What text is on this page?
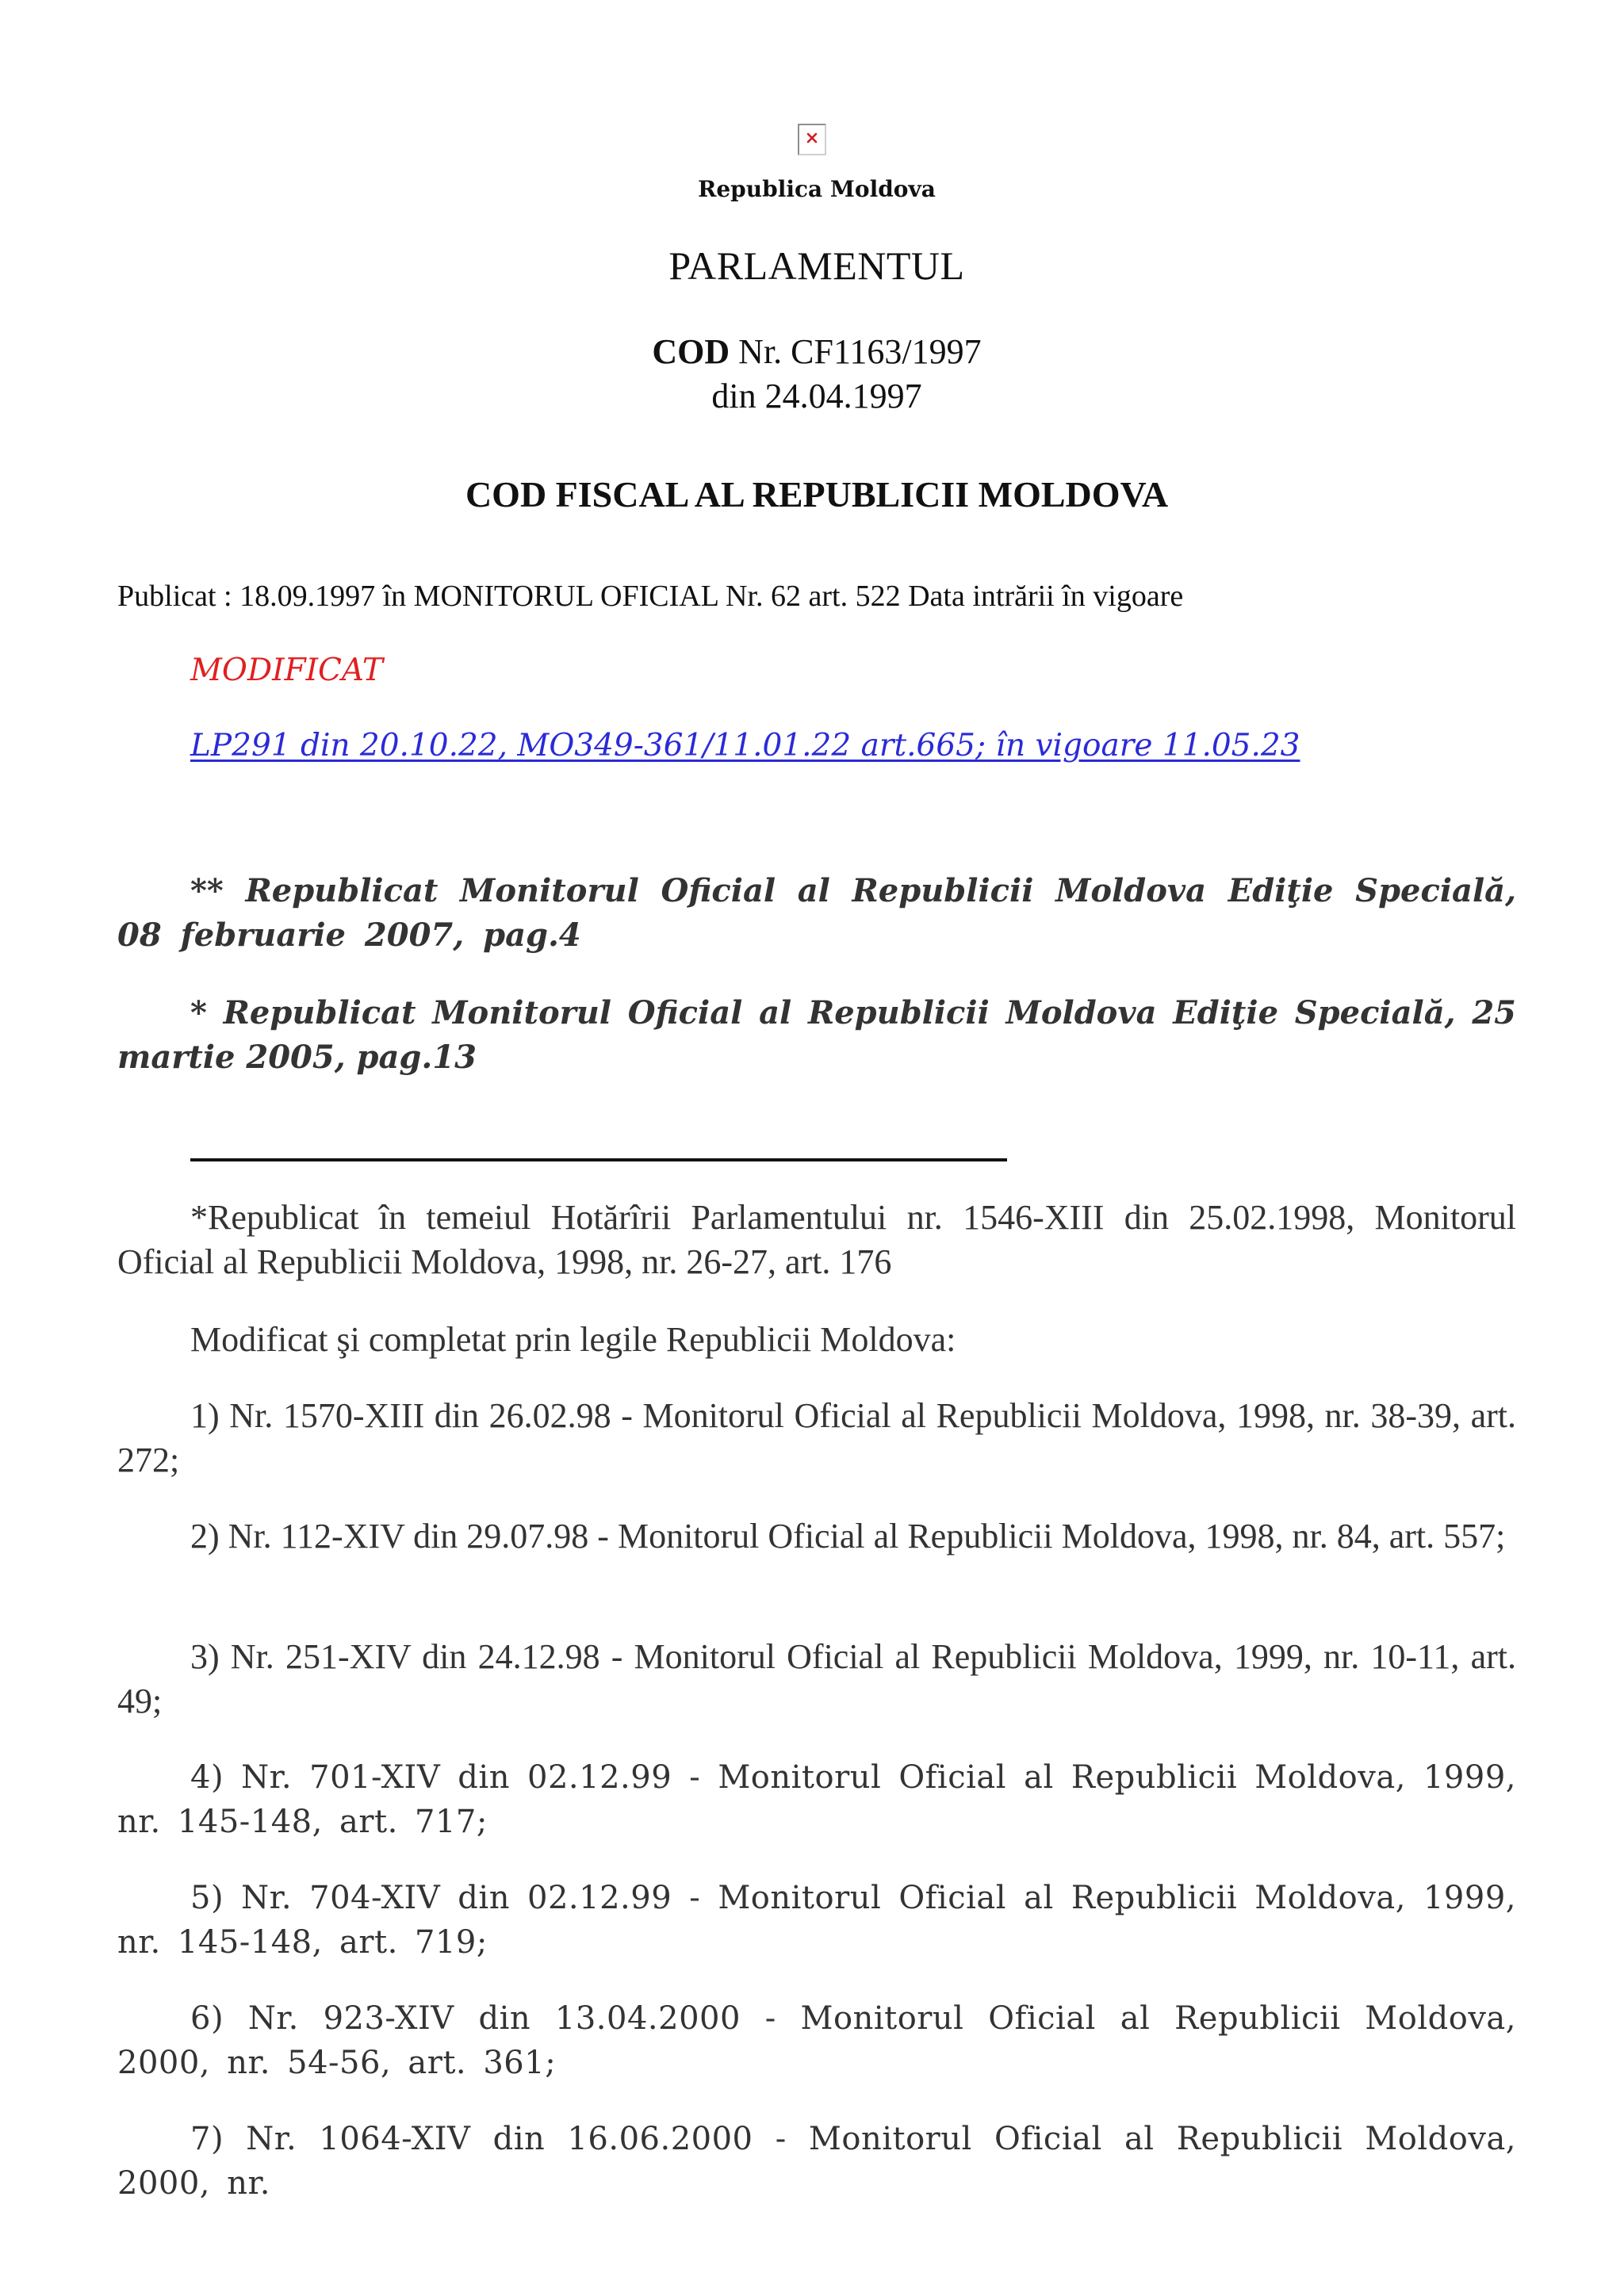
Republica Moldova
PARLAMENTUL
COD Nr. CF1163/1997
din 24.04.1997
COD FISCAL AL REPUBLICII MOLDOVA
Publicat : 18.09.1997 în MONITORUL OFICIAL Nr. 62 art. 522 Data intrării în vigoare
MODIFICAT
LP291 din 20.10.22, MO349-361/11.01.22 art.665; în vigoare 11.05.23

** Republicat Monitorul Oficial al Republicii Moldova Ediţie Specială, 08 februarie 2007, pag.4

* Republicat Monitorul Oficial al Republicii Moldova Ediţie Specială, 25 martie 2005, pag.13

*Republicat în temeiul Hotărîrii Parlamentului nr. 1546-XIII din 25.02.1998, Monitorul Oficial al Republicii Moldova, 1998, nr. 26-27, art. 176

Modificat şi completat prin legile Republicii Moldova:

1) Nr. 1570-XIII din 26.02.98 - Monitorul Oficial al Republicii Moldova, 1998, nr. 38-39, art. 272;

2) Nr. 112-XIV din 29.07.98 - Monitorul Oficial al Republicii Moldova, 1998, nr. 84, art. 557;

3) Nr. 251-XIV din 24.12.98 - Monitorul Oficial al Republicii Moldova, 1999, nr. 10-11, art. 49;

4) Nr. 701-XIV din 02.12.99 - Monitorul Oficial al Republicii Moldova, 1999, nr. 145-148, art. 717;

5) Nr. 704-XIV din 02.12.99 - Monitorul Oficial al Republicii Moldova, 1999, nr. 145-148, art. 719;

6) Nr. 923-XIV din 13.04.2000 - Monitorul Oficial al Republicii Moldova, 2000, nr. 54-56, art. 361;

7) Nr. 1064-XIV din 16.06.2000 - Monitorul Oficial al Republicii Moldova, 2000, nr.
